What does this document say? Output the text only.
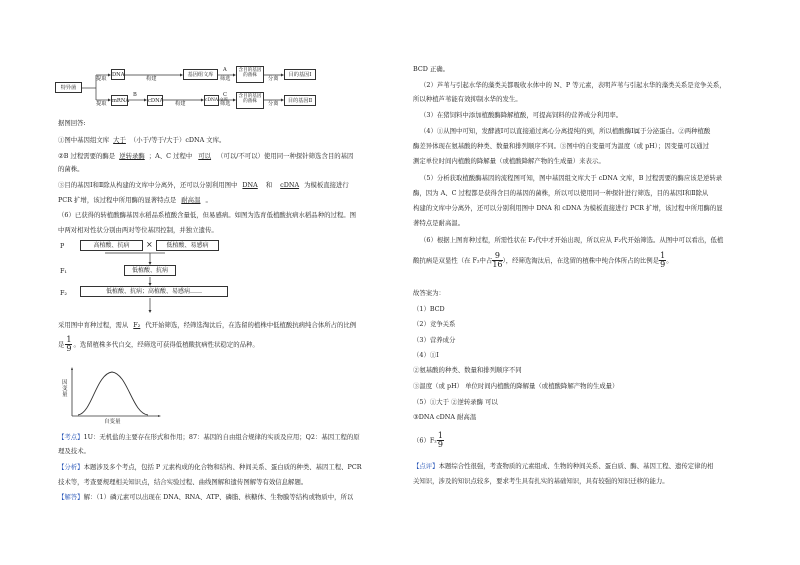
特异菌
提取
DNA
构建
基因组文库
A
筛选
含目的基因的菌株
分离
目的基因Ⅰ
提取 mRNA
B
cDNA 构建
cDNA 文库
C
筛选
含目的基因的菌株	分离	目的基因Ⅱ
据图回答:
①图中基因组文库 大于 （小于/等于/大于）cDNA 文库。
②B 过程需要的酶是 逆转录酶 ；A、C 过程中 可以 （可以/不可以）使用同一种探针筛选含目的基因
的菌株。
③目的基因Ⅰ和Ⅱ除从构建的文库中分离外，还可以分别利用图中 DNA 和 cDNA 为模板直接进行
PCR 扩增，该过程中所用酶的显著特点是 耐高温 。
（6）已获得的转植酸酶基因水稻品系植酸含量低，但易感病。如图为选育低植酸抗病水稻品种的过程。图
中两对相对性状分别由两对等位基因控制，并独立遗传。
P	高植酸、抗病	×	低植酸、易感病
F₁	低植酸、抗病
F₂	低植酸、抗病；高植酸、易感病……
采用图中育种过程，需从 F₂ 代开始筛选，经筛选淘汰后，在选留的植株中低植酸抗病纯合体所占的比例
是 $\frac{1}{9}$ 。选留植株多代自交，经筛选可获得低植酸抗病性状稳定的品种。
因变量
自变量
【考点】1U：无机盐的主要存在形式和作用；87：基因的自由组合规律的实质及应用；Q2：基因工程的原
理及技术。
【分析】本题涉及多个考点，包括 P 元素构成的化合物和结构、种间关系、蛋白质的种类、基因工程、PCR
技术等，考查要规理相关知识点，结合实验过程、曲线图解和遗传图解等有效信息解题。
【解答】解：（1）磷元素可以出现在 DNA、RNA、ATP、磷脂、核糖体、生物膜等结构或物质中，所以
BCD 正确。
（2）芦苇与引起水华的藻类关都吸收水体中的 N、P 等元素，表明芦苇与引起水华的藻类关系是竞争关系，
所以种植芦苇能有效抑制水华的发生。
（3）在猪饲料中添加植酸酶降解植酸，可提高饲料的营养成分利用率。
（4）①从图中可知，发酵液Ⅰ可以直接通过离心分离提纯的到，所以植酸酶Ⅰ属于分泌蛋白。②两种植酸
酶差异体现在氨基酸的种类、数量和排列顺序不同。③图中的自变量可为温度（或 pH）；因变量可以通过
测定单位时间内植酸的降解量（或植酸降解产物的生成量）来表示。
（5）分析获取植酸酶基因的流程图可知，图中基因组文库大于 cDNA 文库，B 过程需要的酶应该是逆转录
酶，因为 A、C 过程都是获得含目的基因的菌株，所以可以使用同一种探针进行筛选，目的基因Ⅰ和Ⅱ除从
构建的文库中分离外，还可以分别利用图中 DNA 和 cDNA 为模板直接进行 PCR 扩增，该过程中所用酶的显
著特点是耐高温。
（6）根据上图育种过程，所需性状在 F₂代中才开始出现，所以应从 F₂代开始筛选。从图中可以看出，低植
酸抗病是双显性（在 F₂中占 $\frac{9}{16}$ ），经筛选淘汰后，在选留的植株中纯合体所占的比例是 $\frac{1}{9}$ 。
故答案为：
（1）BCD
（2）竞争关系
（3）营养成分
（4）①Ⅰ
②氨基酸的种类、数量和排列顺序不同
③温度（或 pH） 单位时间内植酸的降解量（或植酸降解产物的生成量）
（5）①大于 ②逆转录酶 可以
③DNA cDNA 耐高温
$(6)F_2 \frac{1}{9}$
【点评】本题综合性很强，考查物质的元素组成、生物的种间关系、蛋白质、酶、基因工程、遗传定律的相
关知识，涉及的知识点较多，要求考生具有扎实的基础知识，具有较强的知识迁移的能力。
